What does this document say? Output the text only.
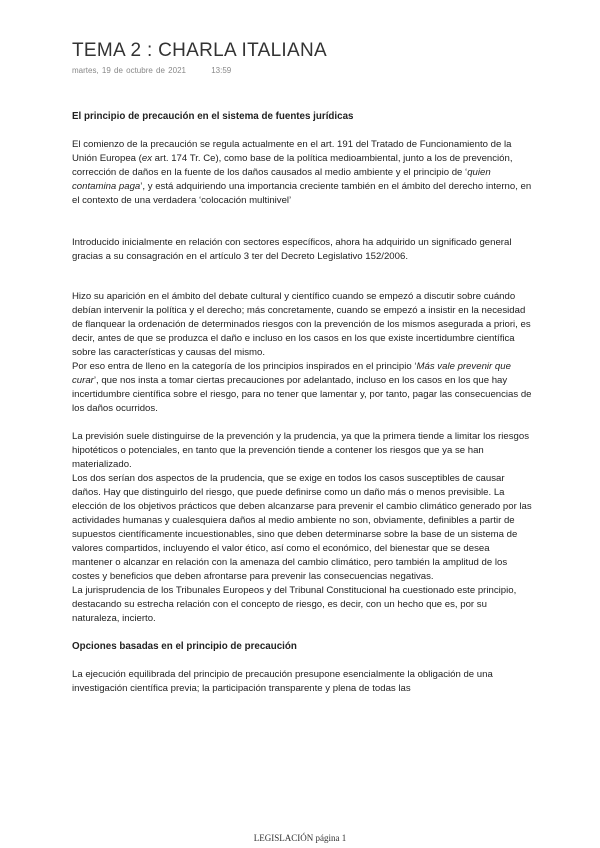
TEMA 2 : CHARLA ITALIANA
martes, 19 de octubre de 2021	13:59

El principio de precaución en el sistema de fuentes jurídicas

El comienzo de la precaución se regula actualmente en el art. 191 del Tratado de Funcionamiento de la Unión Europea (ex art. 174 Tr. Ce), como base de la política medioambiental, junto a los de prevención, corrección de daños en la fuente de los daños causados al medio ambiente y el principio de ‘quien contamina paga’, y está adquiriendo una importancia creciente también en el ámbito del derecho interno, en el contexto de una verdadera ‘colocación multinivel’

Introducido inicialmente en relación con sectores específicos, ahora ha adquirido un significado general gracias a su consagración en el artículo 3 ter del Decreto Legislativo 152/2006.

Hizo su aparición en el ámbito del debate cultural y científico cuando se empezó a discutir sobre cuándo debían intervenir la política y el derecho; más concretamente, cuando se empezó a insistir en la necesidad de flanquear la ordenación de determinados riesgos con la prevención de los mismos asegurada a priori, es decir, antes de que se produzca el daño e incluso en los casos en los que existe incertidumbre científica sobre las características y causas del mismo.

Por eso entra de lleno en la categoría de los principios inspirados en el principio ‘Más vale prevenir que curar’, que nos insta a tomar ciertas precauciones por adelantado, incluso en los casos en los que hay incertidumbre científica sobre el riesgo, para no tener que lamentar y, por tanto, pagar las consecuencias de los daños ocurridos.

La previsión suele distinguirse de la prevención y la prudencia, ya que la primera tiende a limitar los riesgos hipotéticos o potenciales, en tanto que la prevención tiende a contener los riesgos que ya se han materializado.

Los dos serían dos aspectos de la prudencia, que se exige en todos los casos susceptibles de causar daños. Hay que distinguirlo del riesgo, que puede definirse como un daño más o menos previsible. La elección de los objetivos prácticos que deben alcanzarse para prevenir el cambio climático generado por las actividades humanas y cualesquiera daños al medio ambiente no son, obviamente, definibles a partir de supuestos científicamente incuestionables, sino que deben determinarse sobre la base de un sistema de valores compartidos, incluyendo el valor ético, así como el económico, del bienestar que se desea mantener o alcanzar en relación con la amenaza del cambio climático, pero también la amplitud de los costes y beneficios que deben afrontarse para prevenir las consecuencias negativas.

La jurisprudencia de los Tribunales Europeos y del Tribunal Constitucional ha cuestionado este principio, destacando su estrecha relación con el concepto de riesgo, es decir, con un hecho que es, por su naturaleza, incierto.

Opciones basadas en el principio de precaución

La ejecución equilibrada del principio de precaución presupone esencialmente la obligación de una investigación científica previa; la participación transparente y plena de todas las

LEGISLACIÓN página 1
